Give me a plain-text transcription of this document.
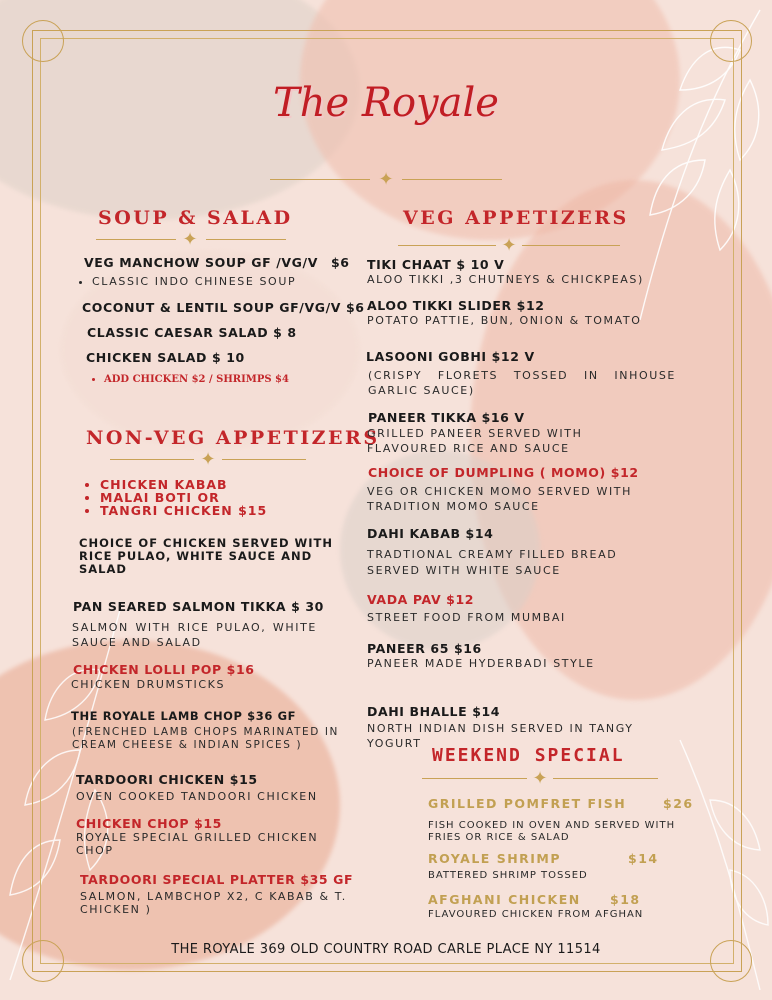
The Royale
✦
SOUP & SALAD
✦
VEG MANCHOW SOUP GF /VG/V $6
• CLASSIC INDO CHINESE SOUP
COCONUT & LENTIL SOUP GF/VG/V $6
CLASSIC CAESAR SALAD $ 8
CHICKEN SALAD $ 10
• ADD CHICKEN $2 / SHRIMPS $4
NON-VEG APPETIZERS
✦
• CHICKEN KABAB
• MALAI BOTI OR
• TANGRI CHICKEN $15
CHOICE OF CHICKEN SERVED WITH RICE PULAO, WHITE SAUCE AND SALAD
PAN SEARED SALMON TIKKA $ 30
SALMON WITH RICE PULAO, WHITE SAUCE AND SALAD
CHICKEN LOLLI POP $16
CHICKEN DRUMSTICKS
THE ROYALE LAMB CHOP $36 GF
(FRENCHED LAMB CHOPS MARINATED IN CREAM CHEESE & INDIAN SPICES )
TARDOORI CHICKEN $15
OVEN COOKED TANDOORI CHICKEN
CHICKEN CHOP $15
ROYALE SPECIAL GRILLED CHICKEN CHOP
TARDOORI SPECIAL PLATTER $35 GF
SALMON, LAMBCHOP X2, C KABAB & T. CHICKEN )
VEG APPETIZERS
✦
TIKI CHAAT $ 10 V
ALOO TIKKI ,3 CHUTNEYS & CHICKPEAS)
ALOO TIKKI SLIDER $12
POTATO PATTIE, BUN, ONION & TOMATO
LASOONI GOBHI $12 V
(CRISPY FLORETS TOSSED IN INHOUSE GARLIC SAUCE)
PANEER TIKKA $16 V
GRILLED PANEER SERVED WITH FLAVOURED RICE AND SAUCE
CHOICE OF DUMPLING ( MOMO) $12
VEG OR CHICKEN MOMO SERVED WITH TRADITION MOMO SAUCE
DAHI KABAB $14
TRADTIONAL CREAMY FILLED BREAD SERVED WITH WHITE SAUCE
VADA PAV $12
STREET FOOD FROM MUMBAI
PANEER 65 $16
PANEER MADE HYDERBADI STYLE
DAHI BHALLE $14
NORTH INDIAN DISH SERVED IN TANGY YOGURT
WEEKEND SPECIAL
✦
GRILLED POMFRET FISH	$26
FISH COOKED IN OVEN AND SERVED WITH FRIES OR RICE & SALAD
ROYALE SHRIMP	$14
BATTERED SHRIMP TOSSED
AFGHANI CHICKEN $18
FLAVOURED CHICKEN FROM AFGHAN
THE ROYALE 369 OLD COUNTRY ROAD CARLE PLACE NY 11514
